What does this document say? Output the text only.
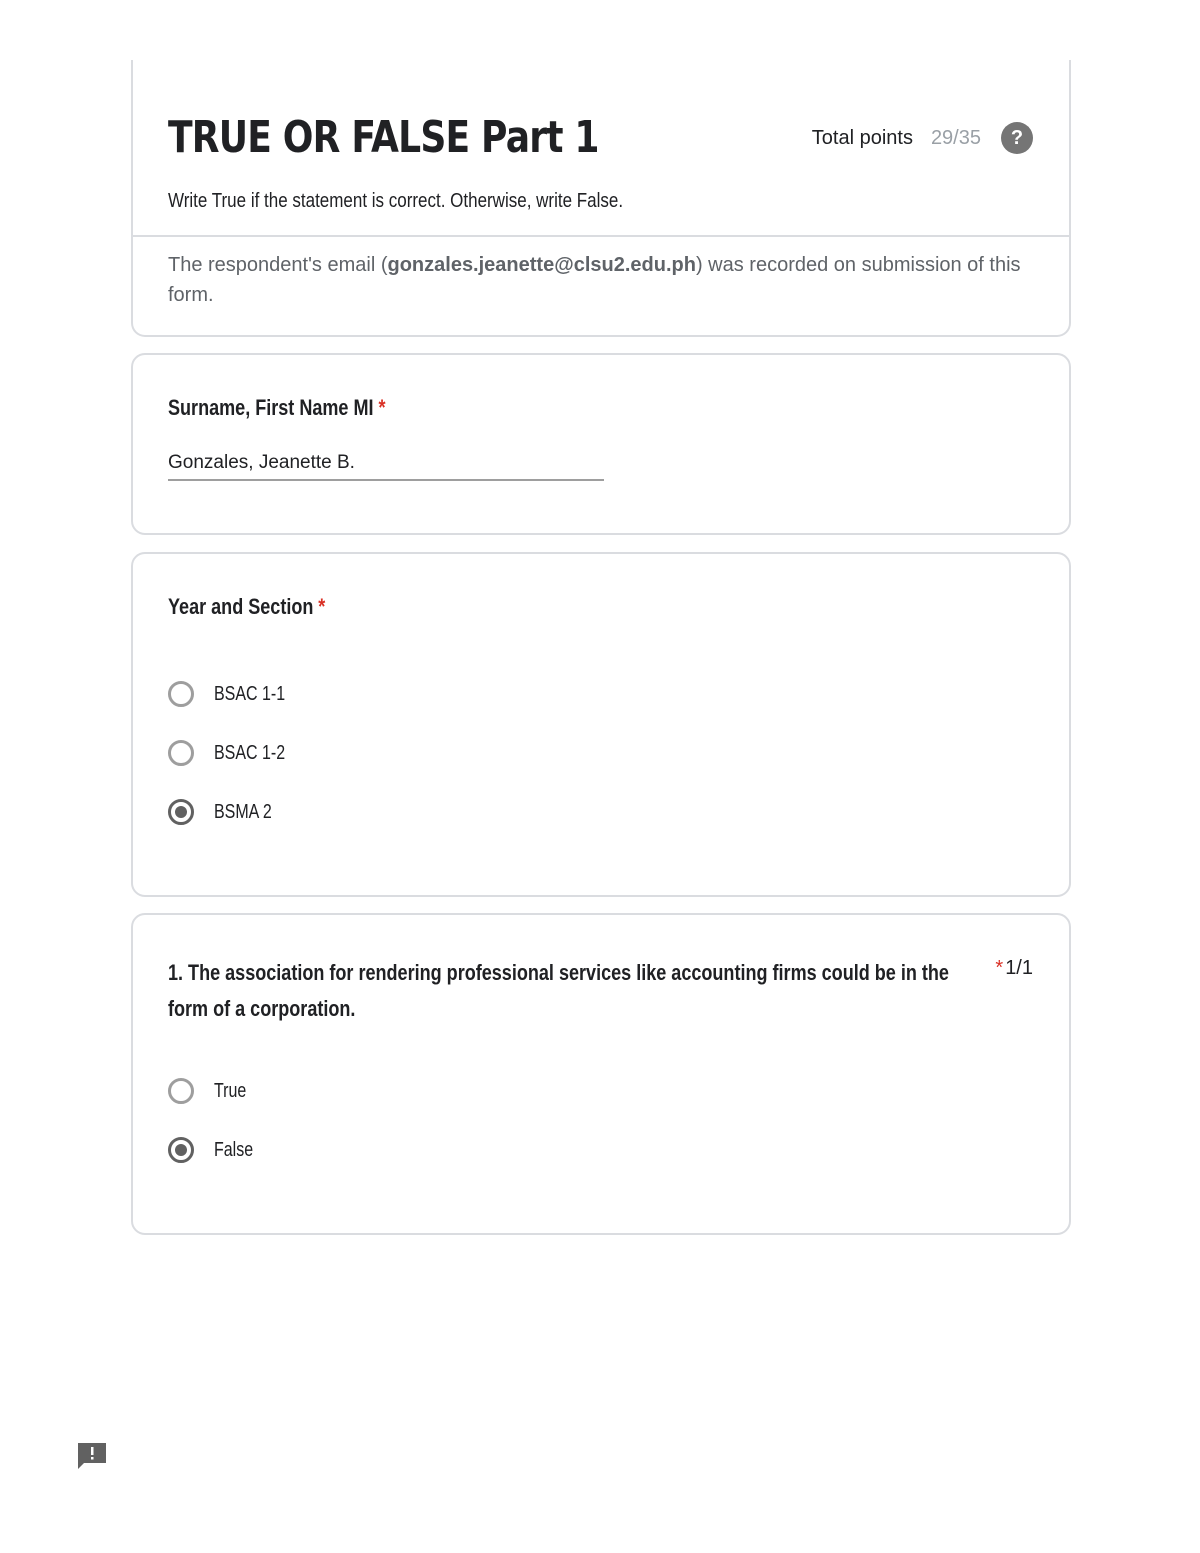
TRUE OR FALSE Part 1	Total points 29/35	?

Write True if the statement is correct. Otherwise, write False.

The respondent's email (gonzales.jeanette@clsu2.edu.ph) was recorded on submission of this form.

Surname, First Name MI *
Gonzales, Jeanette B.
Year and Section *
BSAC 1-1
BSAC 1-2
BSMA 2

1. The association for rendering professional services like accounting firms could be in the form of a corporation.

* 1/1
True
False
